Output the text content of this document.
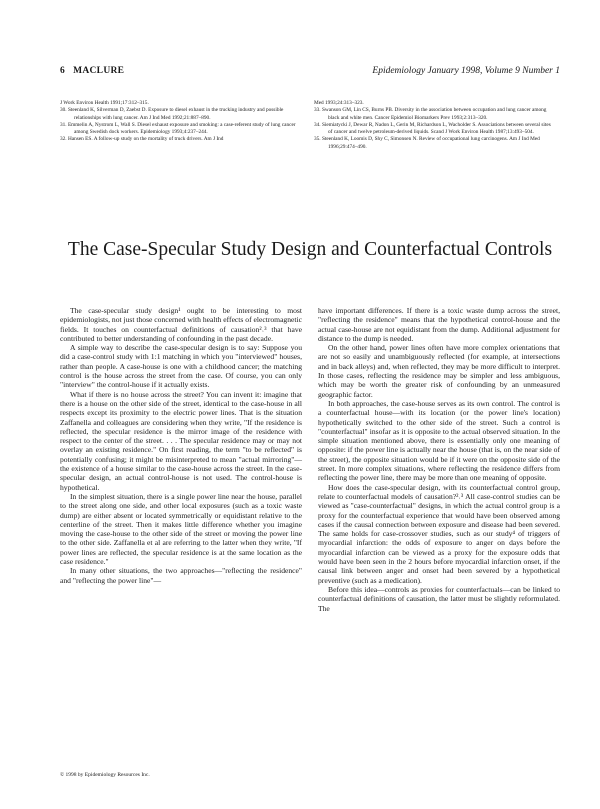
6 MACLURE	Epidemiology January 1998, Volume 9 Number 1

J Work Environ Health 1991;17:312–315.

30. Steenland K, Silverman D, Zaebst D. Exposure to diesel exhaust in the trucking industry and possible relationships with lung cancer. Am J Ind Med 1992;21:887–890.

31. Emmelin A, Nystrom L, Wall S. Diesel exhaust exposure and smoking: a case-referent study of lung cancer among Swedish dock workers. Epidemiology 1993;4:237–244.

32. Hansen ES. A follow-up study on the mortality of truck drivers. Am J Ind

Med 1993;24:313–323.

33. Swanson GM, Lin CS, Burns PB. Diversity in the association between occupation and lung cancer among black and white men. Cancer Epidemiol Biomarkers Prev 1993;2:313–320.

34. Siemiatycki J, Dewar R, Nadon L, Gerin M, Richardson L, Wacholder S. Associations between several sites of cancer and twelve petroleum-derived liquids. Scand J Work Environ Health 1987;13:493–504.

35. Steenland K, Loomis D, Shy C, Simonsen N. Review of occupational lung carcinogens. Am J Ind Med 1996;29:474–490.

The Case-Specular Study Design and Counterfactual Controls

The case-specular study design¹ ought to be interesting to most epidemiologists, not just those concerned with health effects of electromagnetic fields. It touches on counterfactual definitions of causation²˒³ that have contributed to better understanding of confounding in the past decade.

A simple way to describe the case-specular design is to say: Suppose you did a case-control study with 1:1 matching in which you "interviewed" houses, rather than people. A case-house is one with a childhood cancer; the matching control is the house across the street from the case. Of course, you can only "interview" the control-house if it actually exists.

What if there is no house across the street? You can invent it: imagine that there is a house on the other side of the street, identical to the case-house in all respects except its proximity to the electric power lines. That is the situation Zaffanella and colleagues are considering when they write, "If the residence is reflected, the specular residence is the mirror image of the residence with respect to the center of the street. . . . The specular residence may or may not overlay an existing residence." On first reading, the term "to be reflected" is potentially confusing; it might be misinterpreted to mean "actual mirroring"—the existence of a house similar to the case-house across the street. In the case-specular design, an actual control-house is not used. The control-house is hypothetical.

In the simplest situation, there is a single power line near the house, parallel to the street along one side, and other local exposures (such as a toxic waste dump) are either absent or located symmetrically or equidistant relative to the centerline of the street. Then it makes little difference whether you imagine moving the case-house to the other side of the street or moving the power line to the other side. Zaffanella et al are referring to the latter when they write, "If power lines are reflected, the specular residence is at the same location as the case residence."

In many other situations, the two approaches—"reflecting the residence" and "reflecting the power line"—

have important differences. If there is a toxic waste dump across the street, "reflecting the residence" means that the hypothetical control-house and the actual case-house are not equidistant from the dump. Additional adjustment for distance to the dump is needed.

On the other hand, power lines often have more complex orientations that are not so easily and unambiguously reflected (for example, at intersections and in back alleys) and, when reflected, they may be more difficult to interpret. In those cases, reflecting the residence may be simpler and less ambiguous, which may be worth the greater risk of confounding by an unmeasured geographic factor.

In both approaches, the case-house serves as its own control. The control is a counterfactual house—with its location (or the power line's location) hypothetically switched to the other side of the street. Such a control is "counterfactual" insofar as it is opposite to the actual observed situation. In the simple situation mentioned above, there is essentially only one meaning of opposite: if the power line is actually near the house (that is, on the near side of the street), the opposite situation would be if it were on the opposite side of the street. In more complex situations, where reflecting the residence differs from reflecting the power line, there may be more than one meaning of opposite.

How does the case-specular design, with its counterfactual control group, relate to counterfactual models of causation?²˒³ All case-control studies can be viewed as "case-counterfactual" designs, in which the actual control group is a proxy for the counterfactual experience that would have been observed among cases if the causal connection between exposure and disease had been severed. The same holds for case-crossover studies, such as our study⁴ of triggers of myocardial infarction: the odds of exposure to anger on days before the myocardial infarction can be viewed as a proxy for the exposure odds that would have been seen in the 2 hours before myocardial infarction onset, if the causal link between anger and onset had been severed by a hypothetical preventive (such as a medication).

Before this idea—controls as proxies for counterfactuals—can be linked to counterfactual definitions of causation, the latter must be slightly reformulated. The

© 1998 by Epidemiology Resources Inc.
